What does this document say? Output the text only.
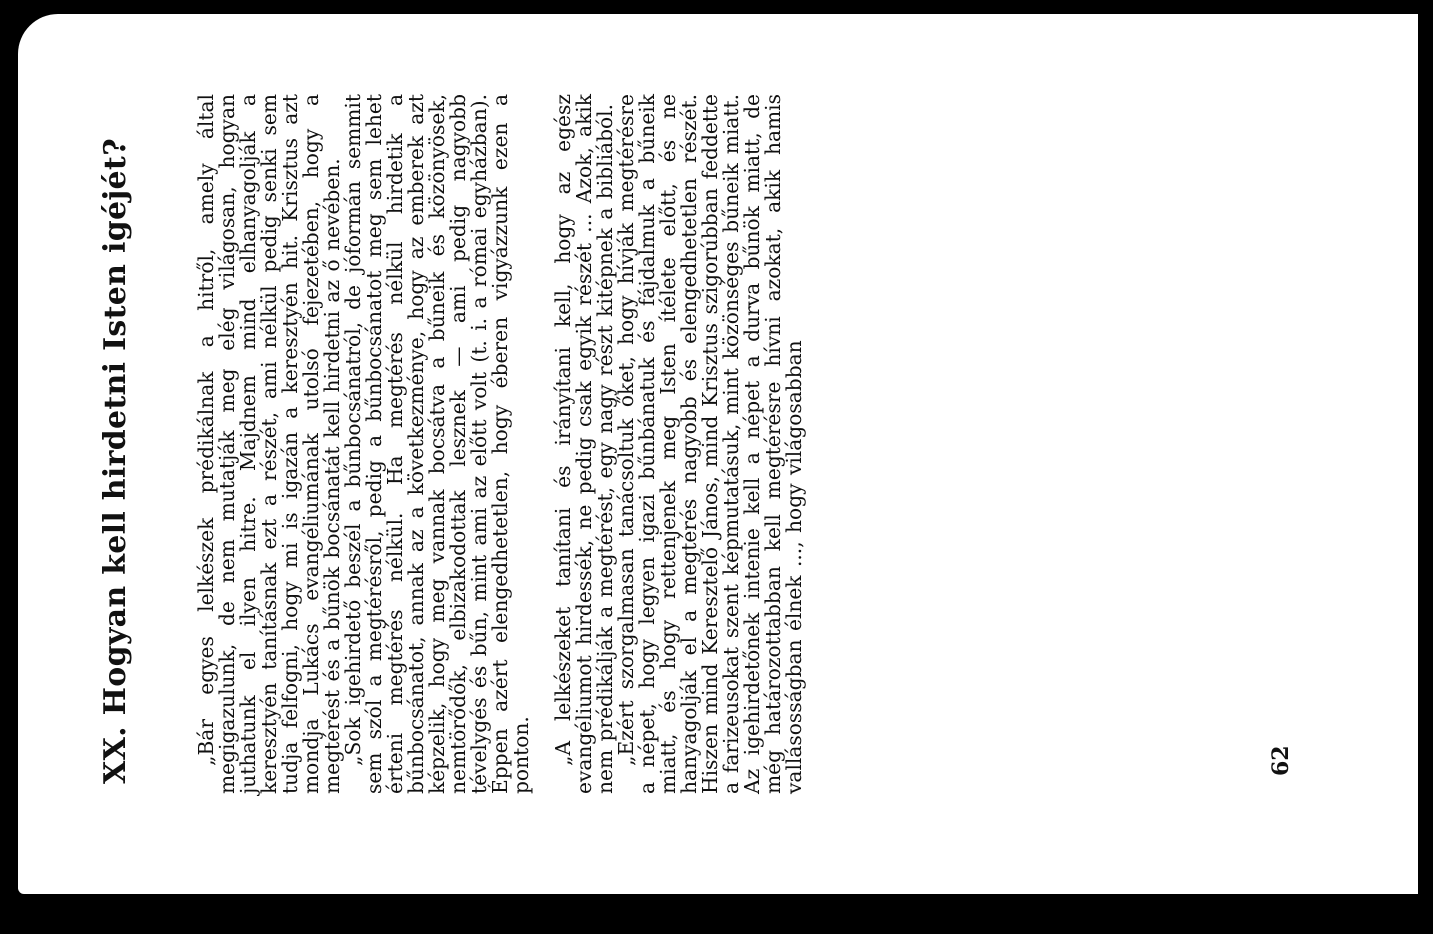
XX. Hogyan kell hirdetni Isten igéjét?	„Bár egyes lelkészek prédikálnak a hitről, amely által megigazulunk, de nem mutatják meg elég világosan, hogyan juthatunk el ilyen hitre. Majdnem mind elhanyagolják a keresztyén tanításnak ezt a részét, ami nélkül pedig senki sem tudja felfogni, hogy mi is igazán a keresztyén hit. Krisztus azt mondja Lukács evangéliumának utolsó fejezetében, hogy a megtérést és a bűnök bocsánatát kell hirdetni az ő nevében.

„Sok igehirdető beszél a bűnbocsánatról, de jóformán semmit sem szól a megtérésről, pedig a bűnbocsánatot meg sem lehet érteni megtérés nélkül. Ha megtérés nélkül hirdetik a bűnbocsánatot, annak az a következménye, hogy az emberek azt képzelik, hogy meg vannak bocsátva a bűneik és közönyösek, nemtörődők, elbizakodottak lesznek — ami pedig nagyobb tévelygés és bűn, mint ami az előtt volt (t. i. a római egyházban). Éppen azért elengedhetetlen, hogy éberen vigyázzunk ezen a ponton. „A lelkészeket tanítani és irányítani kell, hogy az egész evangéliumot hirdessék, ne pedig csak egyik részét ... Azok, akik nem prédikálják a megtérést, egy nagy részt kitépnek a bibliából.

„Ezért szorgalmasan tanácsoltuk őket, hogy hívják megtérésre a népet, hogy legyen igazi bűnbánatuk és fájdalmuk a bűneik miatt, és hogy rettenjenek meg Isten ítélete előtt, és ne hanyagolják el a megtérés nagyobb és elengedhetetlen részét. Hiszen mind Keresztelő János, mind Krisztus szigorúbban feddette a farizeusokat szent képmutatásuk, mint közönséges bűneik miatt. Az igehirdetőnek intenie kell a népet a durva bűnök miatt, de még határozottabban kell megtérésre hívni azokat, akik hamis vallásosságban élnek ..., hogy világosabban	62
